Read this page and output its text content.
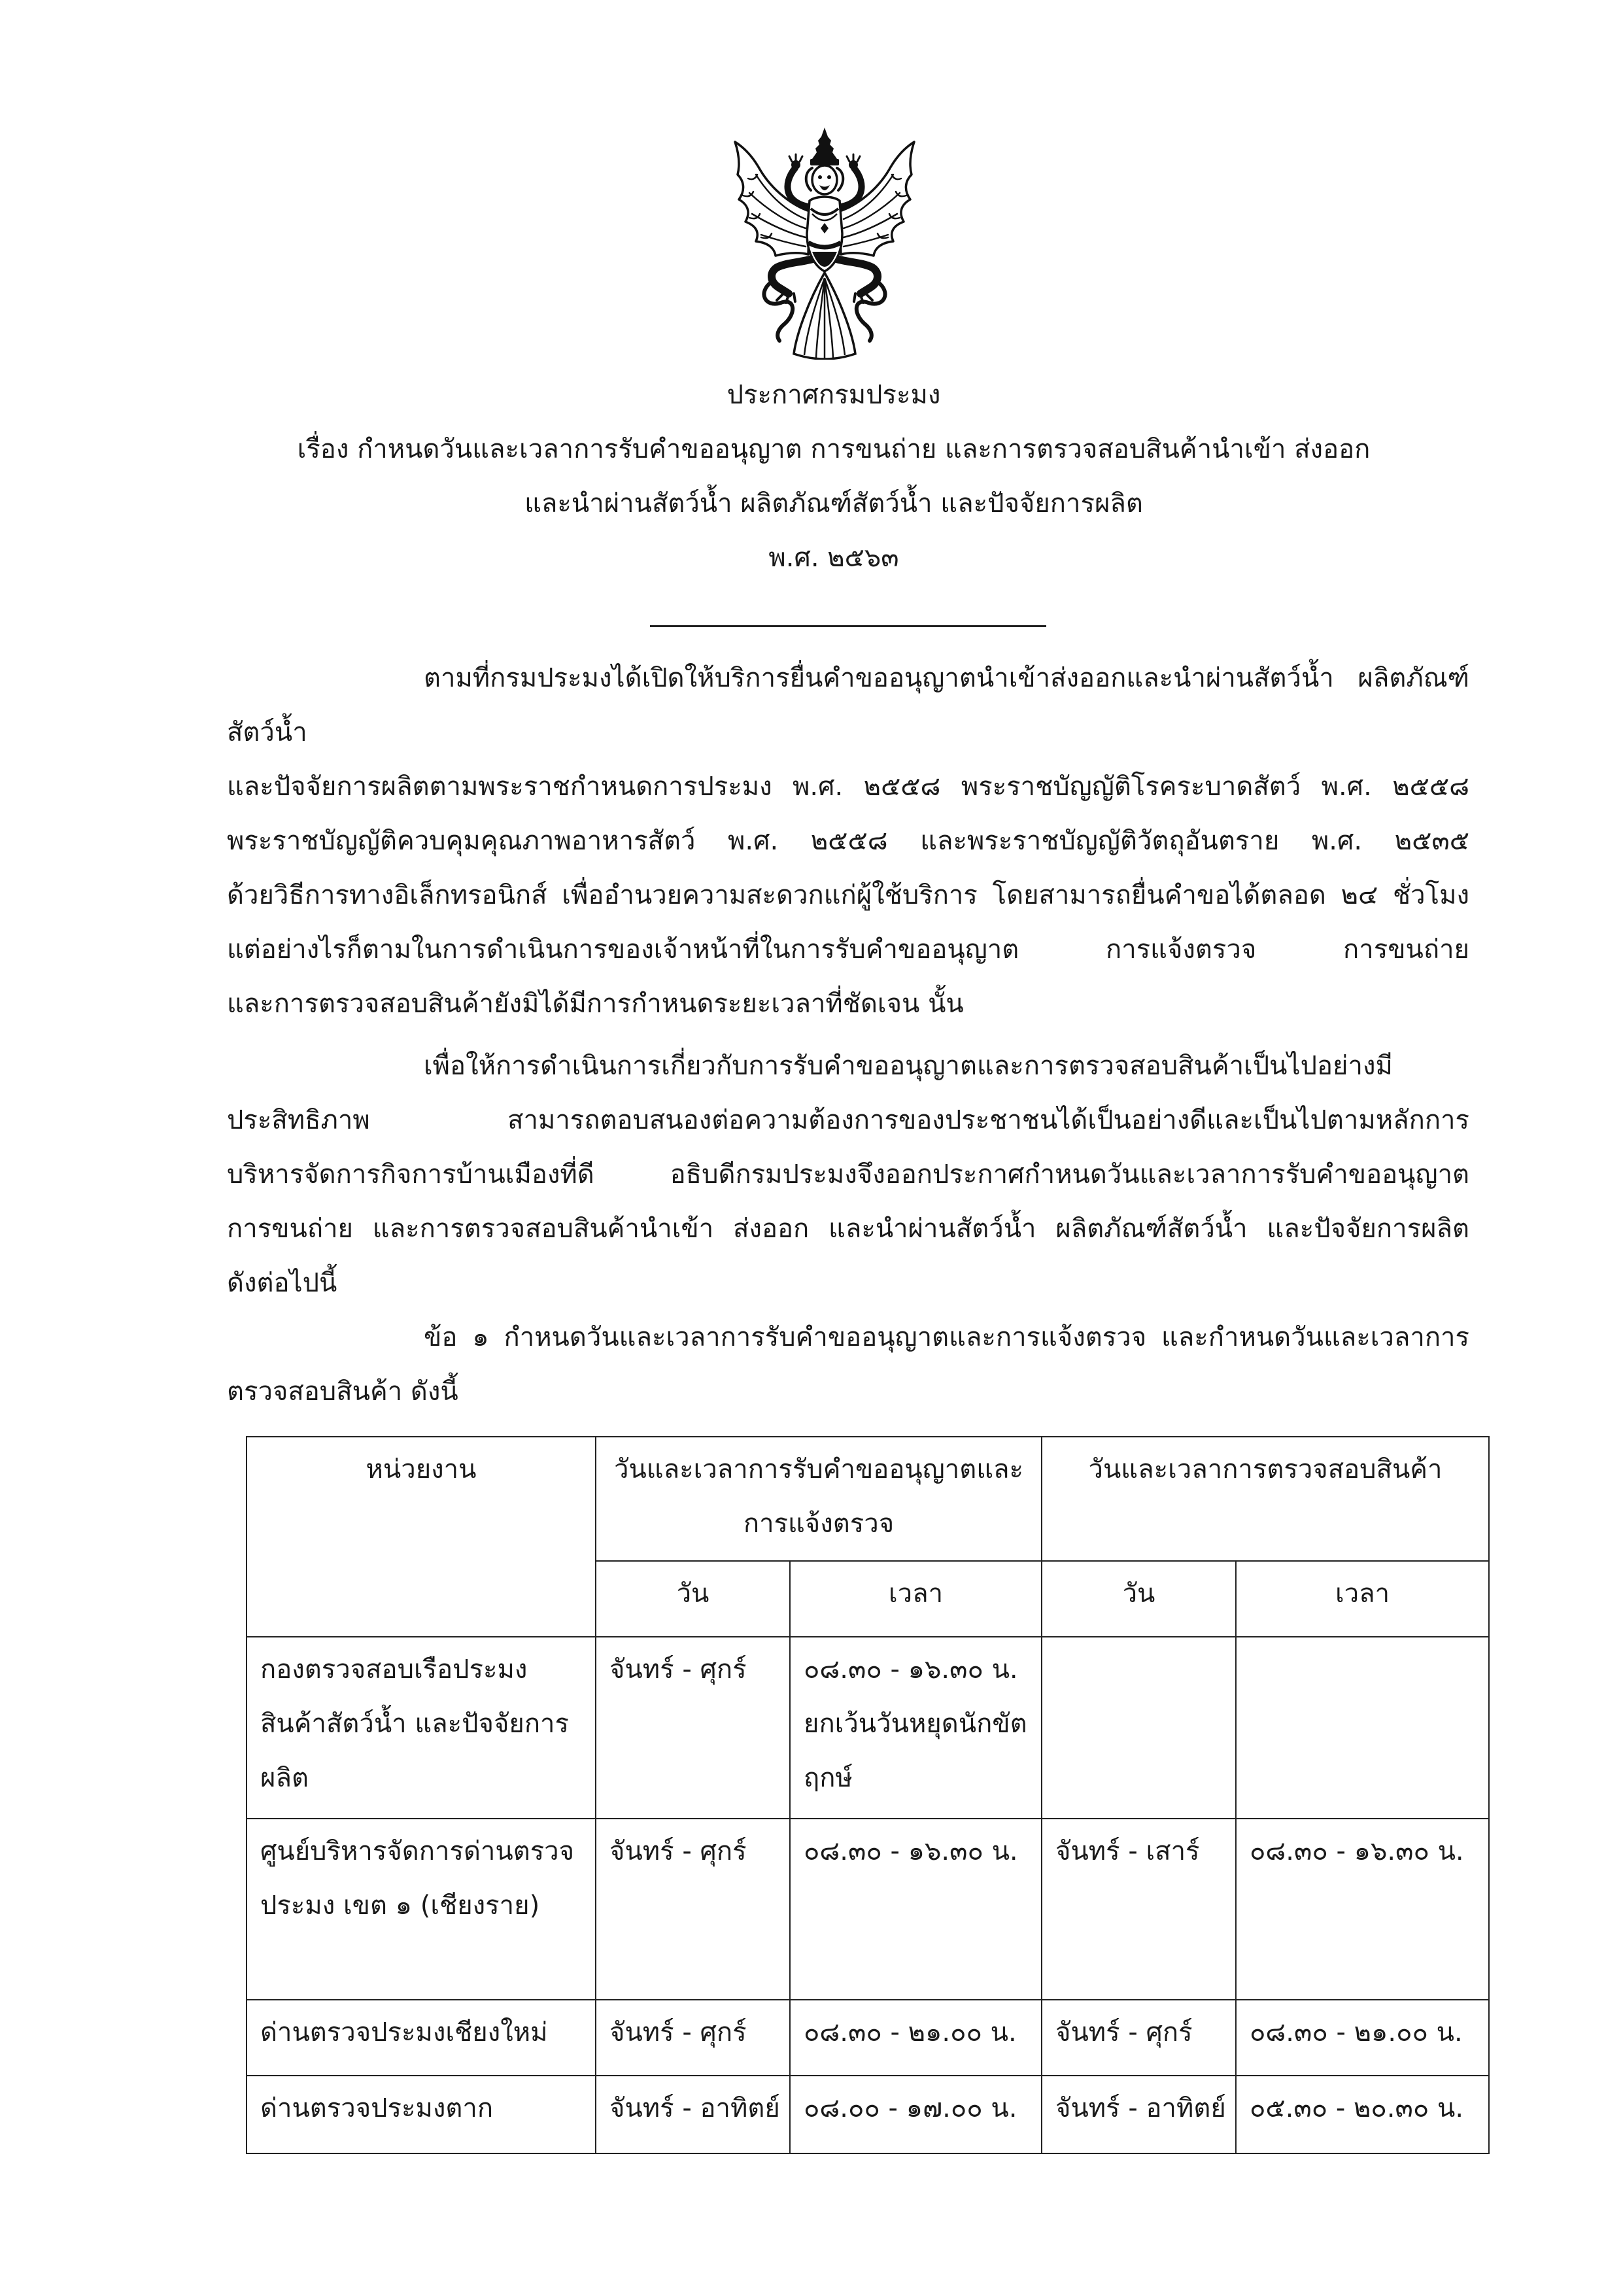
ประกาศกรมประมง
เรื่อง กำหนดวันและเวลาการรับคำขออนุญาต การขนถ่าย และการตรวจสอบสินค้านำเข้า ส่งออก
และนำผ่านสัตว์น้ำ ผลิตภัณฑ์สัตว์น้ำ และปัจจัยการผลิต
พ.ศ. ๒๕๖๓
ตามที่กรมประมงได้เปิดให้บริการยื่นคำขออนุญาตนำเข้าส่งออกและนำผ่านสัตว์น้ำ ผลิตภัณฑ์สัตว์น้ำ
และปัจจัยการผลิตตามพระราชกำหนดการประมง พ.ศ. ๒๕๕๘ พระราชบัญญัติโรคระบาดสัตว์ พ.ศ. ๒๕๕๘
พระราชบัญญัติควบคุมคุณภาพอาหารสัตว์ พ.ศ. ๒๕๕๘ และพระราชบัญญัติวัตถุอันตราย พ.ศ. ๒๕๓๕
ด้วยวิธีการทางอิเล็กทรอนิกส์ เพื่ออำนวยความสะดวกแก่ผู้ใช้บริการ โดยสามารถยื่นคำขอได้ตลอด ๒๔ ชั่วโมง
แต่อย่างไรก็ตามในการดำเนินการของเจ้าหน้าที่ในการรับคำขออนุญาต การแจ้งตรวจ การขนถ่าย
และการตรวจสอบสินค้ายังมิได้มีการกำหนดระยะเวลาที่ชัดเจน นั้น
เพื่อให้การดำเนินการเกี่ยวกับการรับคำขออนุญาตและการตรวจสอบสินค้าเป็นไปอย่างมี
ประสิทธิภาพ สามารถตอบสนองต่อความต้องการของประชาชนได้เป็นอย่างดีและเป็นไปตามหลักการ
บริหารจัดการกิจการบ้านเมืองที่ดี อธิบดีกรมประมงจึงออกประกาศกำหนดวันและเวลาการรับคำขออนุญาต
การขนถ่าย และการตรวจสอบสินค้านำเข้า ส่งออก และนำผ่านสัตว์น้ำ ผลิตภัณฑ์สัตว์น้ำ และปัจจัยการผลิต
ดังต่อไปนี้
ข้อ ๑ กำหนดวันและเวลาการรับคำขออนุญาตและการแจ้งตรวจ และกำหนดวันและเวลาการ
ตรวจสอบสินค้า ดังนี้
หน่วยงาน	วันและเวลาการรับคำขออนุญาตและการแจ้งตรวจ		วันและเวลาการตรวจสอบสินค้า	

	วัน	เวลา	วัน	เวลา

กองตรวจสอบเรือประมง สินค้าสัตว์น้ำ และปัจจัยการผลิต	จันทร์ - ศุกร์	๐๘.๓๐ - ๑๖.๓๐ น.
ยกเว้นวันหยุดนักขัตฤกษ์		

ศูนย์บริหารจัดการด่านตรวจประมง เขต ๑ (เชียงราย)	จันทร์ - ศุกร์	๐๘.๓๐ - ๑๖.๓๐ น.	จันทร์ - เสาร์	๐๘.๓๐ - ๑๖.๓๐ น.

ด่านตรวจประมงเชียงใหม่	จันทร์ - ศุกร์	๐๘.๓๐ - ๒๑.๐๐ น.	จันทร์ - ศุกร์	๐๘.๓๐ - ๒๑.๐๐ น.

ด่านตรวจประมงตาก	จันทร์ - อาทิตย์	๐๘.๐๐ - ๑๗.๐๐ น.	จันทร์ - อาทิตย์	๐๕.๓๐ - ๒๐.๓๐ น.
